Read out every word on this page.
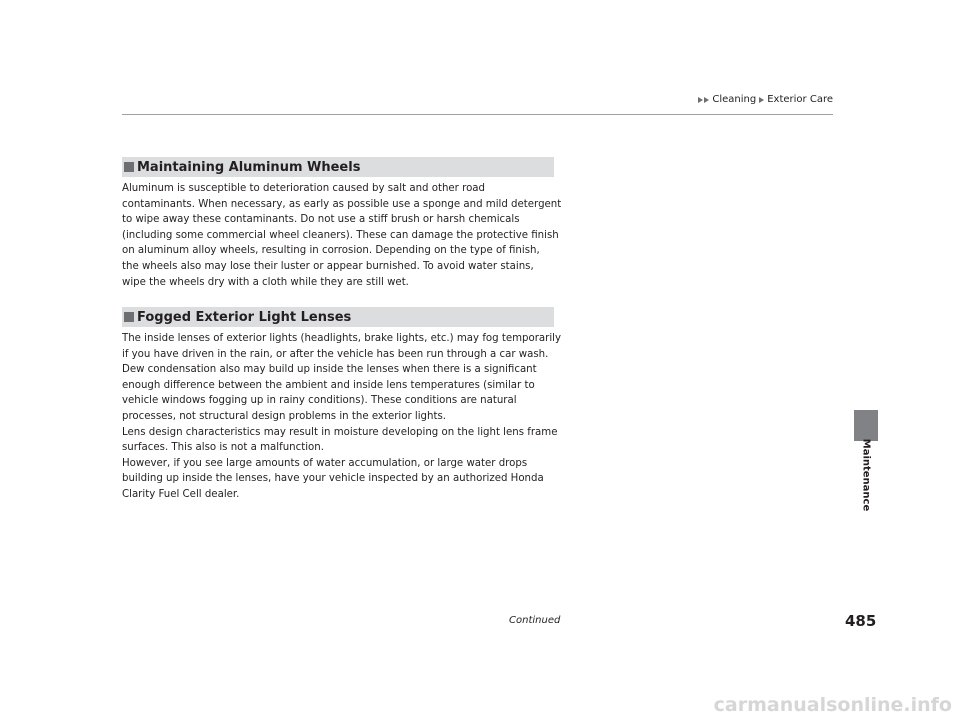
Cleaning Exterior Care
Maintaining Aluminum Wheels

Aluminum is susceptible to deterioration caused by salt and other road
contaminants. When necessary, as early as possible use a sponge and mild detergent
to wipe away these contaminants. Do not use a stiff brush or harsh chemicals
(including some commercial wheel cleaners). These can damage the protective finish
on aluminum alloy wheels, resulting in corrosion. Depending on the type of finish,
the wheels also may lose their luster or appear burnished. To avoid water stains,
wipe the wheels dry with a cloth while they are still wet.

Fogged Exterior Light Lenses

The inside lenses of exterior lights (headlights, brake lights, etc.) may fog temporarily
if you have driven in the rain, or after the vehicle has been run through a car wash.
Dew condensation also may build up inside the lenses when there is a significant
enough difference between the ambient and inside lens temperatures (similar to
vehicle windows fogging up in rainy conditions). These conditions are natural
processes, not structural design problems in the exterior lights.
Lens design characteristics may result in moisture developing on the light lens frame
surfaces. This also is not a malfunction.
However, if you see large amounts of water accumulation, or large water drops
building up inside the lenses, have your vehicle inspected by an authorized Honda
Clarity Fuel Cell dealer.	Maintenance
Continued	485
carmanualsonline.info
